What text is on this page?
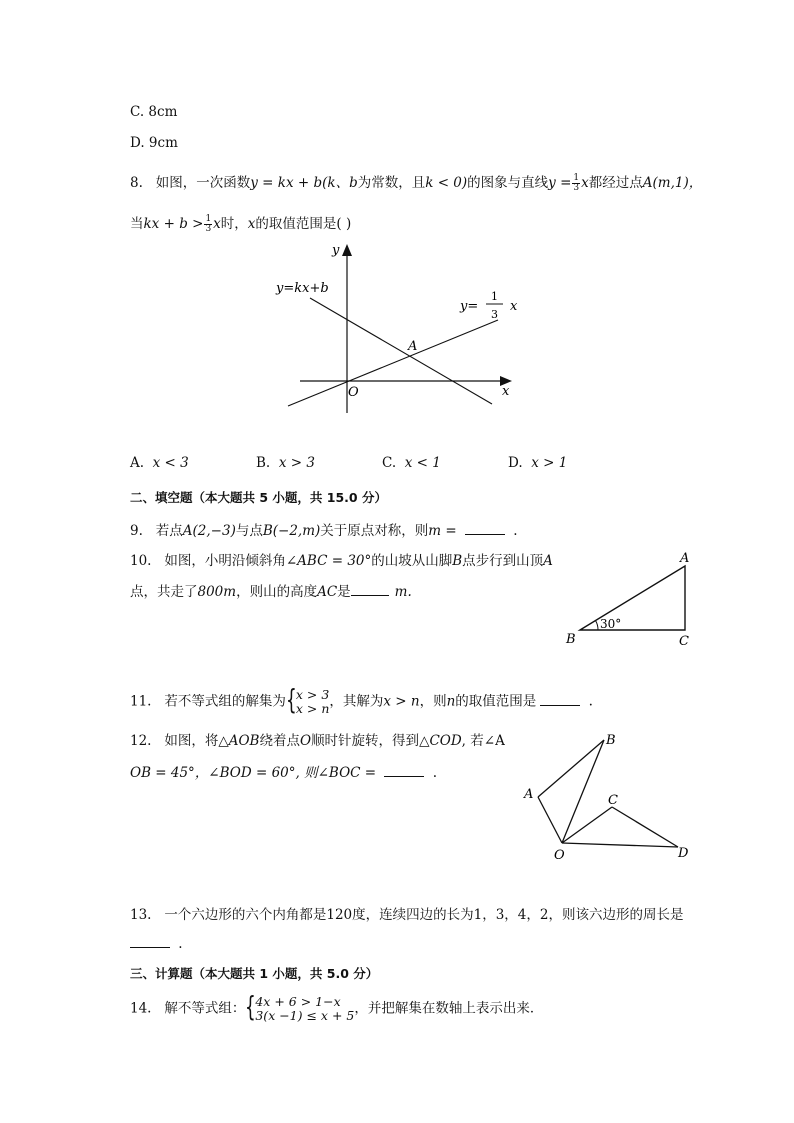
C. 8cm
D. 9cm
8. 如图，一次函数y = kx + b(k、b为常数，且k < 0)的图象与直线$y = \frac{1}{3}$ x都经过点A(m,1)，
当kx + $b > \frac{1}{3}$ x时，x的取值范围是( )
y=kx+b
y=
1
3
x
A
O	x
y
A. x < 3	B. x > 3	C. x < 1	D. x > 1
二、填空题（本大题共 5 小题，共 15.0 分）
9. 若点A(2,−3)与点B(−2,m)关于原点对称，则m =	.
10. 如图，小明沿倾斜角∠ABC = 30°的山坡从山脚B点步行到山顶A
点，共走了800m，则山的高度AC是	m.
30°
A
B	C
11. 若不等式组的解集为 { x > 3
x > n ，其解为x > n，则n的取值范围是	.
12. 如图，将△AOB绕着点O顺时针旋转，得到△COD, 若∠A
OB = 45°，∠BOD = 60°, 则∠BOC =	.
A
B
C
O	D
13. 一个六边形的六个内角都是120度，连续四边的长为1，3，4，2，则该六边形的周长是
.
三、计算题（本大题共 1 小题，共 5.0 分）
14. 解不等式组： { 4x + 6 > 1−x
3(x −1) ≤ x + 5 ，并把解集在数轴上表示出来．
